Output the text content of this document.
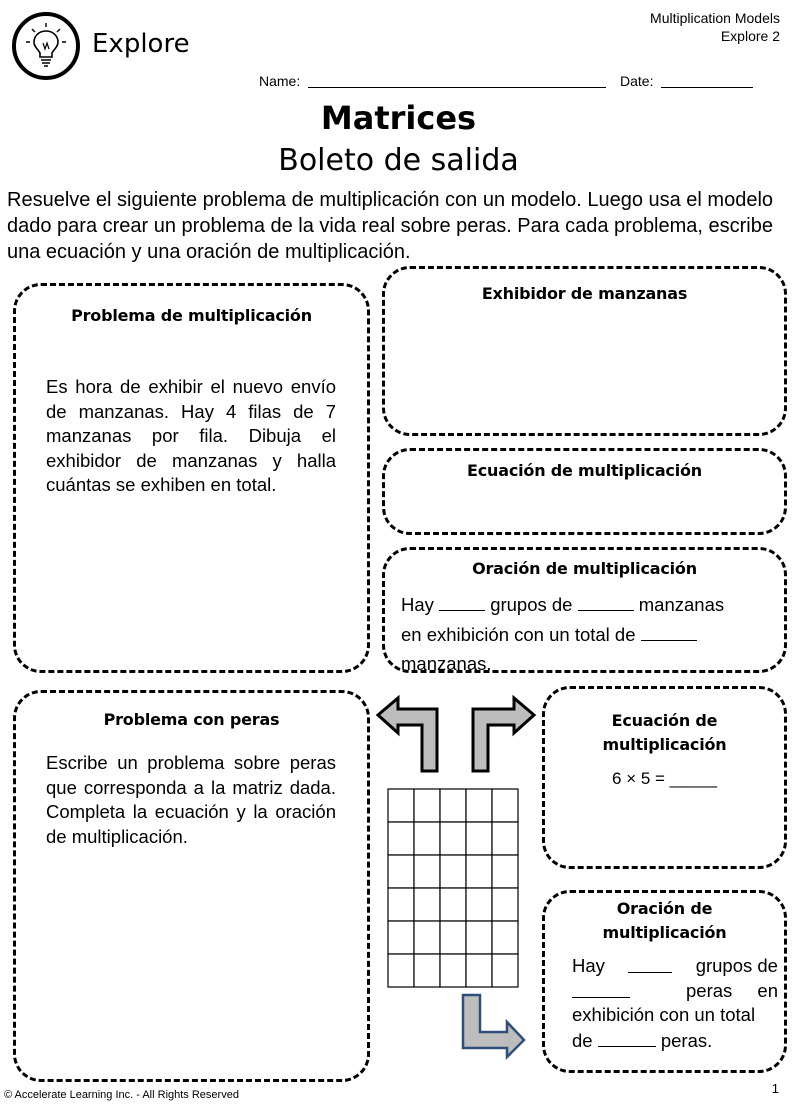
Explore
Multiplication Models
Explore 2
Name:	Date:
Matrices
Boleto de salida
Resuelve el siguiente problema de multiplicación con un modelo. Luego usa el modelo dado para crear un problema de la vida real sobre peras. Para cada problema, escribe una ecuación y una oración de multiplicación.
Problema de multiplicación
Es hora de exhibir el nuevo envío de manzanas. Hay 4 filas de 7 manzanas por fila. Dibuja el exhibidor de manzanas y halla cuántas se exhiben en total.
Exhibidor de manzanas
Ecuación de multiplicación
Oración de multiplicación
Hay	grupos de	manzanas
en exhibición con un total de
manzanas.
Problema con peras
Escribe un problema sobre peras que corresponda a la matriz dada. Completa la ecuación y la oración de multiplicación.
Ecuación de
multiplicación
6 × 5 = _____
Oración de
multiplicación
Hay	grupos de
peras en
exhibición con un total
de	peras.
© Accelerate Learning Inc. - All Rights Reserved	1
